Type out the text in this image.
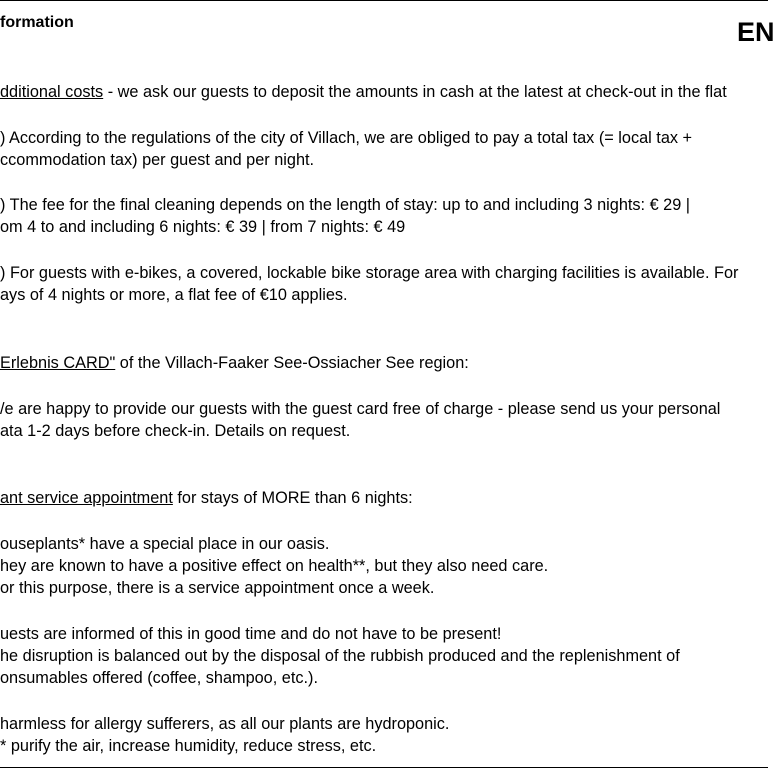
formation	EN
dditional costs - we ask our guests to deposit the amounts in cash at the latest at check-out in the flat
) According to the regulations of the city of Villach, we are obliged to pay a total tax (= local tax +
ccommodation tax) per guest and per night.
) The fee for the final cleaning depends on the length of stay: up to and including 3 nights: € 29 |
om 4 to and including 6 nights: € 39 | from 7 nights: € 49
) For guests with e-bikes, a covered, lockable bike storage area with charging facilities is available. For
ays of 4 nights or more, a flat fee of €10 applies.
Erlebnis CARD" of the Villach-Faaker See-Ossiacher See region:
/e are happy to provide our guests with the guest card free of charge - please send us your personal
ata 1-2 days before check-in. Details on request.
ant service appointment for stays of MORE than 6 nights:
ouseplants* have a special place in our oasis.
hey are known to have a positive effect on health**, but they also need care.
or this purpose, there is a service appointment once a week.
uests are informed of this in good time and do not have to be present!
he disruption is balanced out by the disposal of the rubbish produced and the replenishment of
onsumables offered (coffee, shampoo, etc.).
harmless for allergy sufferers, as all our plants are hydroponic.
* purify the air, increase humidity, reduce stress, etc.
